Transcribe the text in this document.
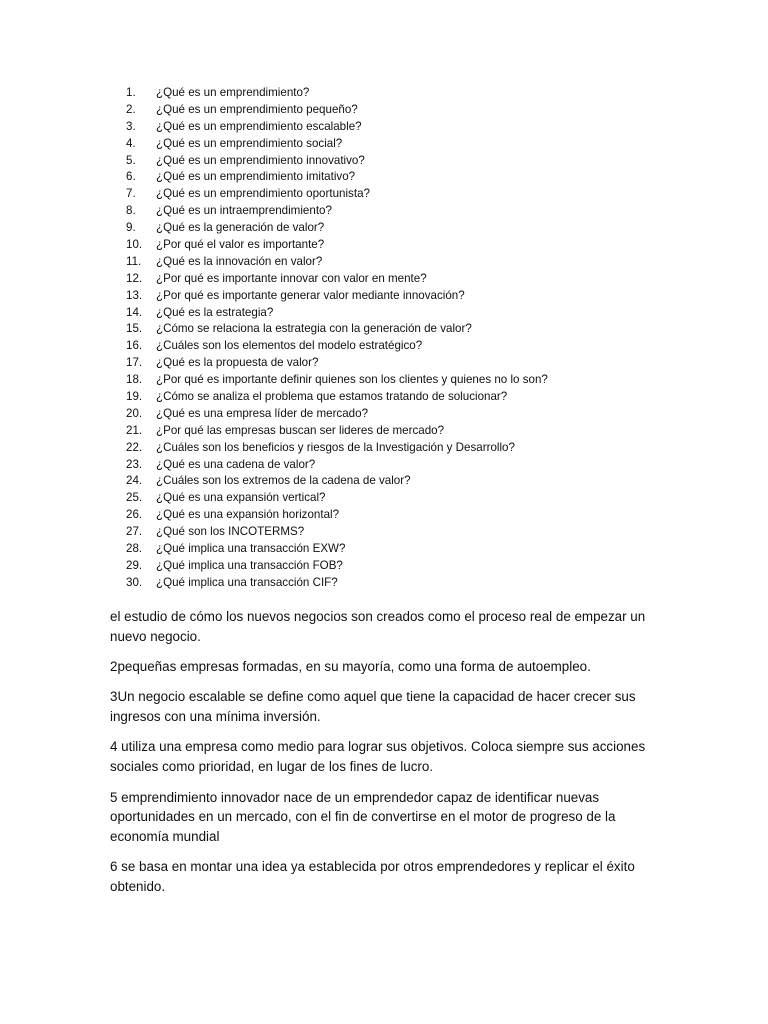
1.	¿Qué es un emprendimiento?
2.	¿Qué es un emprendimiento pequeño?
3.	¿Qué es un emprendimiento escalable?
4.	¿Qué es un emprendimiento social?
5.	¿Qué es un emprendimiento innovativo?
6.	¿Qué es un emprendimiento imitativo?
7.	¿Qué es un emprendimiento oportunista?
8.	¿Qué es un intraemprendimiento?
9.	¿Qué es la generación de valor?
10.	¿Por qué el valor es importante?
11.	¿Qué es la innovación en valor?
12.	¿Por qué es importante innovar con valor en mente?
13.	¿Por qué es importante generar valor mediante innovación?
14.	¿Qué es la estrategia?
15.	¿Cómo se relaciona la estrategia con la generación de valor?
16.	¿Cuáles son los elementos del modelo estratégico?
17.	¿Qué es la propuesta de valor?
18.	¿Por qué es importante definir quienes son los clientes y quienes no lo son?
19.	¿Cómo se analiza el problema que estamos tratando de solucionar?
20.	¿Qué es una empresa líder de mercado?
21.	¿Por qué las empresas buscan ser lideres de mercado?
22.	¿Cuáles son los beneficios y riesgos de la Investigación y Desarrollo?
23.	¿Qué es una cadena de valor?
24.	¿Cuáles son los extremos de la cadena de valor?
25.	¿Qué es una expansión vertical?
26.	¿Qué es una expansión horizontal?
27.	¿Qué son los INCOTERMS?
28.	¿Qué implica una transacción EXW?
29.	¿Qué implica una transacción FOB?
30.	¿Qué implica una transacción CIF?

el estudio de cómo los nuevos negocios son creados como el proceso real de empezar un nuevo negocio.

2pequeñas empresas formadas, en su mayoría, como una forma de autoempleo.

3Un negocio escalable se define como aquel que tiene la capacidad de hacer crecer sus ingresos con una mínima inversión.

4 utiliza una empresa como medio para lograr sus objetivos. Coloca siempre sus acciones sociales como prioridad, en lugar de los fines de lucro.

5 emprendimiento innovador nace de un emprendedor capaz de identificar nuevas oportunidades en un mercado, con el fin de convertirse en el motor de progreso de la economía mundial

6 se basa en montar una idea ya establecida por otros emprendedores y replicar el éxito obtenido.
